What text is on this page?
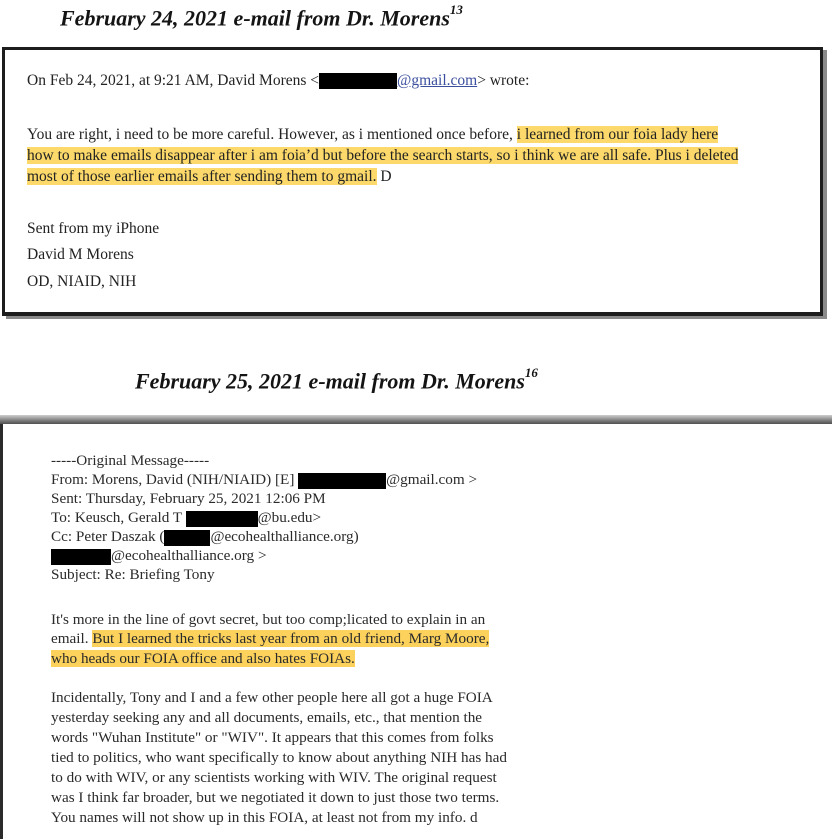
February 24, 2021 e-mail from Dr. Morens$^{13}$
On Feb 24, 2021, at 9:21 AM, David Morens <	@gmail.com> wrote:
You are right, i need to be more careful. However, as i mentioned once before, i learned from our foia lady here
how to make emails disappear after i am foia’d but before the search starts, so i think we are all safe. Plus i deleted
most of those earlier emails after sending them to gmail. D
Sent from my iPhone
David M Morens
OD, NIAID, NIH
February 25, 2021 e-mail from Dr. Morens$^{16}$
-----Original Message-----
From: Morens, David (NIH/NIAID) [E]	@gmail.com >
Sent: Thursday, February 25, 2021 12:06 PM
To: Keusch, Gerald T	@bu.edu>
Cc: Peter Daszak (	@ecohealthalliance.org)
@ecohealthalliance.org >
Subject: Re: Briefing Tony
It's more in the line of govt secret, but too comp;licated to explain in an
email. But I learned the tricks last year from an old friend, Marg Moore,
who heads our FOIA office and also hates FOIAs.
Incidentally, Tony and I and a few other people here all got a huge FOIA
yesterday seeking any and all documents, emails, etc., that mention the
words "Wuhan Institute" or "WIV". It appears that this comes from folks
tied to politics, who want specifically to know about anything NIH has had
to do with WIV, or any scientists working with WIV. The original request
was I think far broader, but we negotiated it down to just those two terms.
You names will not show up in this FOIA, at least not from my info. d
